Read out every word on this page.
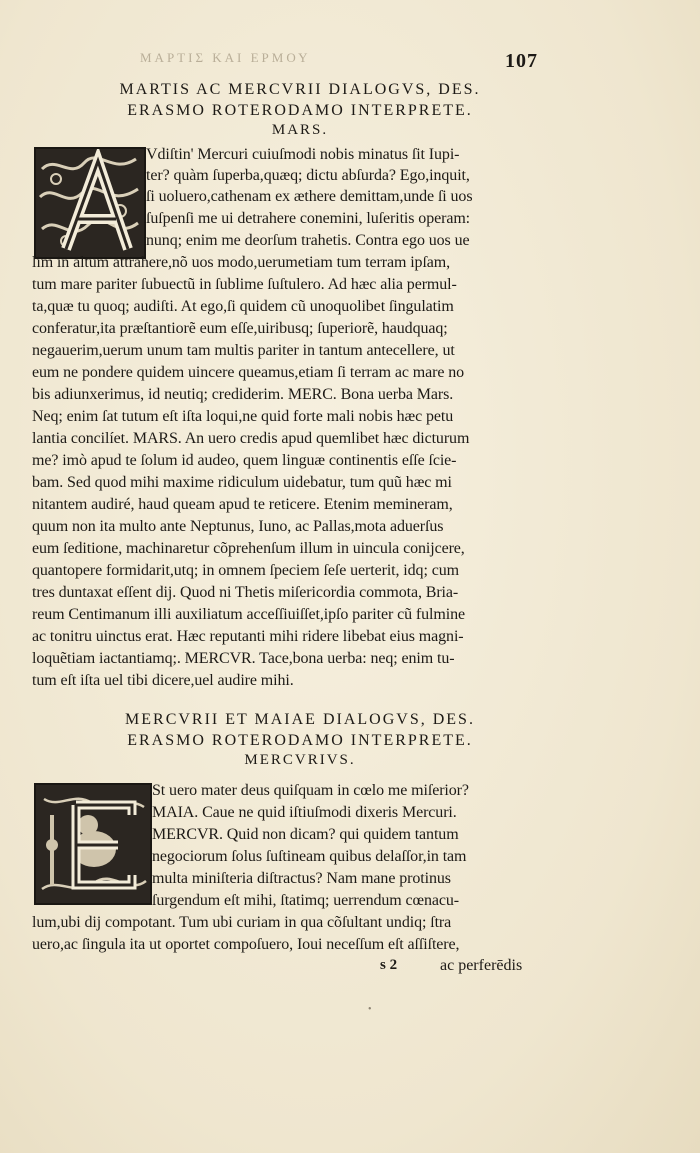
ΜΑΡΤΙΣ ΚΑΙ ΕΡΜΟΥ	107
MARTIS AC MERCVRII DIALOGVS, DES.
ERASMO ROTERODAMO INTERPRETE.
MARS.
Vdiſtin' Mercuri cuiuſmodi nobis minatus ſit Iupi-
ter? quàm ſuperba,quæq; dictu abſurda? Ego,inquit,
ſi uoluero,cathenam ex æthere demittam,unde ſi uos
ſuſpenſi me ui detrahere conemini, luſeritis operam:
nunq; enim me deorſum trahetis. Contra ego uos ue
lim in altum attrahere,nõ uos modo,uerumetiam tum terram ipſam,
tum mare pariter ſubuectũ in ſublime ſuſtulero. Ad hæc alia permul-
ta,quæ tu quoq; audiſti. At ego,ſi quidem cũ unoquolibet ſingulatim
conferatur,ita præſtantiorẽ eum eſſe,uiribusq; ſuperiorẽ, haudquaq;
negauerim,uerum unum tam multis pariter in tantum antecellere, ut
eum ne pondere quidem uincere queamus,etiam ſi terram ac mare no
bis adiunxerimus, id neutiq; crediderim. MERC. Bona uerba Mars.
Neq; enim ſat tutum eſt iſta loqui,ne quid forte mali nobis hæc petu
lantia concilíet. MARS. An uero credis apud quemlibet hæc dicturum
me? imò apud te ſolum id audeo, quem linguæ continentis eſſe ſcie-
bam. Sed quod mihi maxime ridiculum uidebatur, tum quũ hæc mi
nitantem audiré, haud queam apud te reticere. Etenim memineram,
quum non ita multo ante Neptunus, Iuno, ac Pallas,mota aduerſus
eum ſeditione, machinaretur cõprehenſum illum in uincula conijcere,
quantopere formidarit,utq; in omnem ſpeciem ſeſe uerterit, idq; cum
tres duntaxat eſſent dij. Quod ni Thetis miſericordia commota, Bria-
reum Centimanum illi auxiliatum acceſſiuiſſet,ipſo pariter cũ fulmine
ac tonitru uinctus erat. Hæc reputanti mihi ridere libebat eius magni-
loquẽtiam iactantiamq;. MERCVR. Tace,bona uerba: neq; enim tu-
tum eſt iſta uel tibi dicere,uel audire mihi.
MERCVRII ET MAIAE DIALOGVS, DES.
ERASMO ROTERODAMO INTERPRETE.
MERCVRIVS.
St uero mater deus quiſquam in cœlo me miſerior?
MAIA. Caue ne quid iſtiuſmodi dixeris Mercuri.
MERCVR. Quid non dicam? qui quidem tantum
negociorum ſolus ſuſtineam quibus delaſſor,in tam
multa miniſteria diſtractus? Nam mane protinus
ſurgendum eſt mihi, ſtatimq; uerrendum cœnacu-
lum,ubi dij compotant. Tum ubi curiam in qua cõſultant undiq; ſtra
uero,ac ſingula ita ut oportet compoſuero, Ioui neceſſum eſt aſſiſtere,
s 2	ac perferēdis
•
